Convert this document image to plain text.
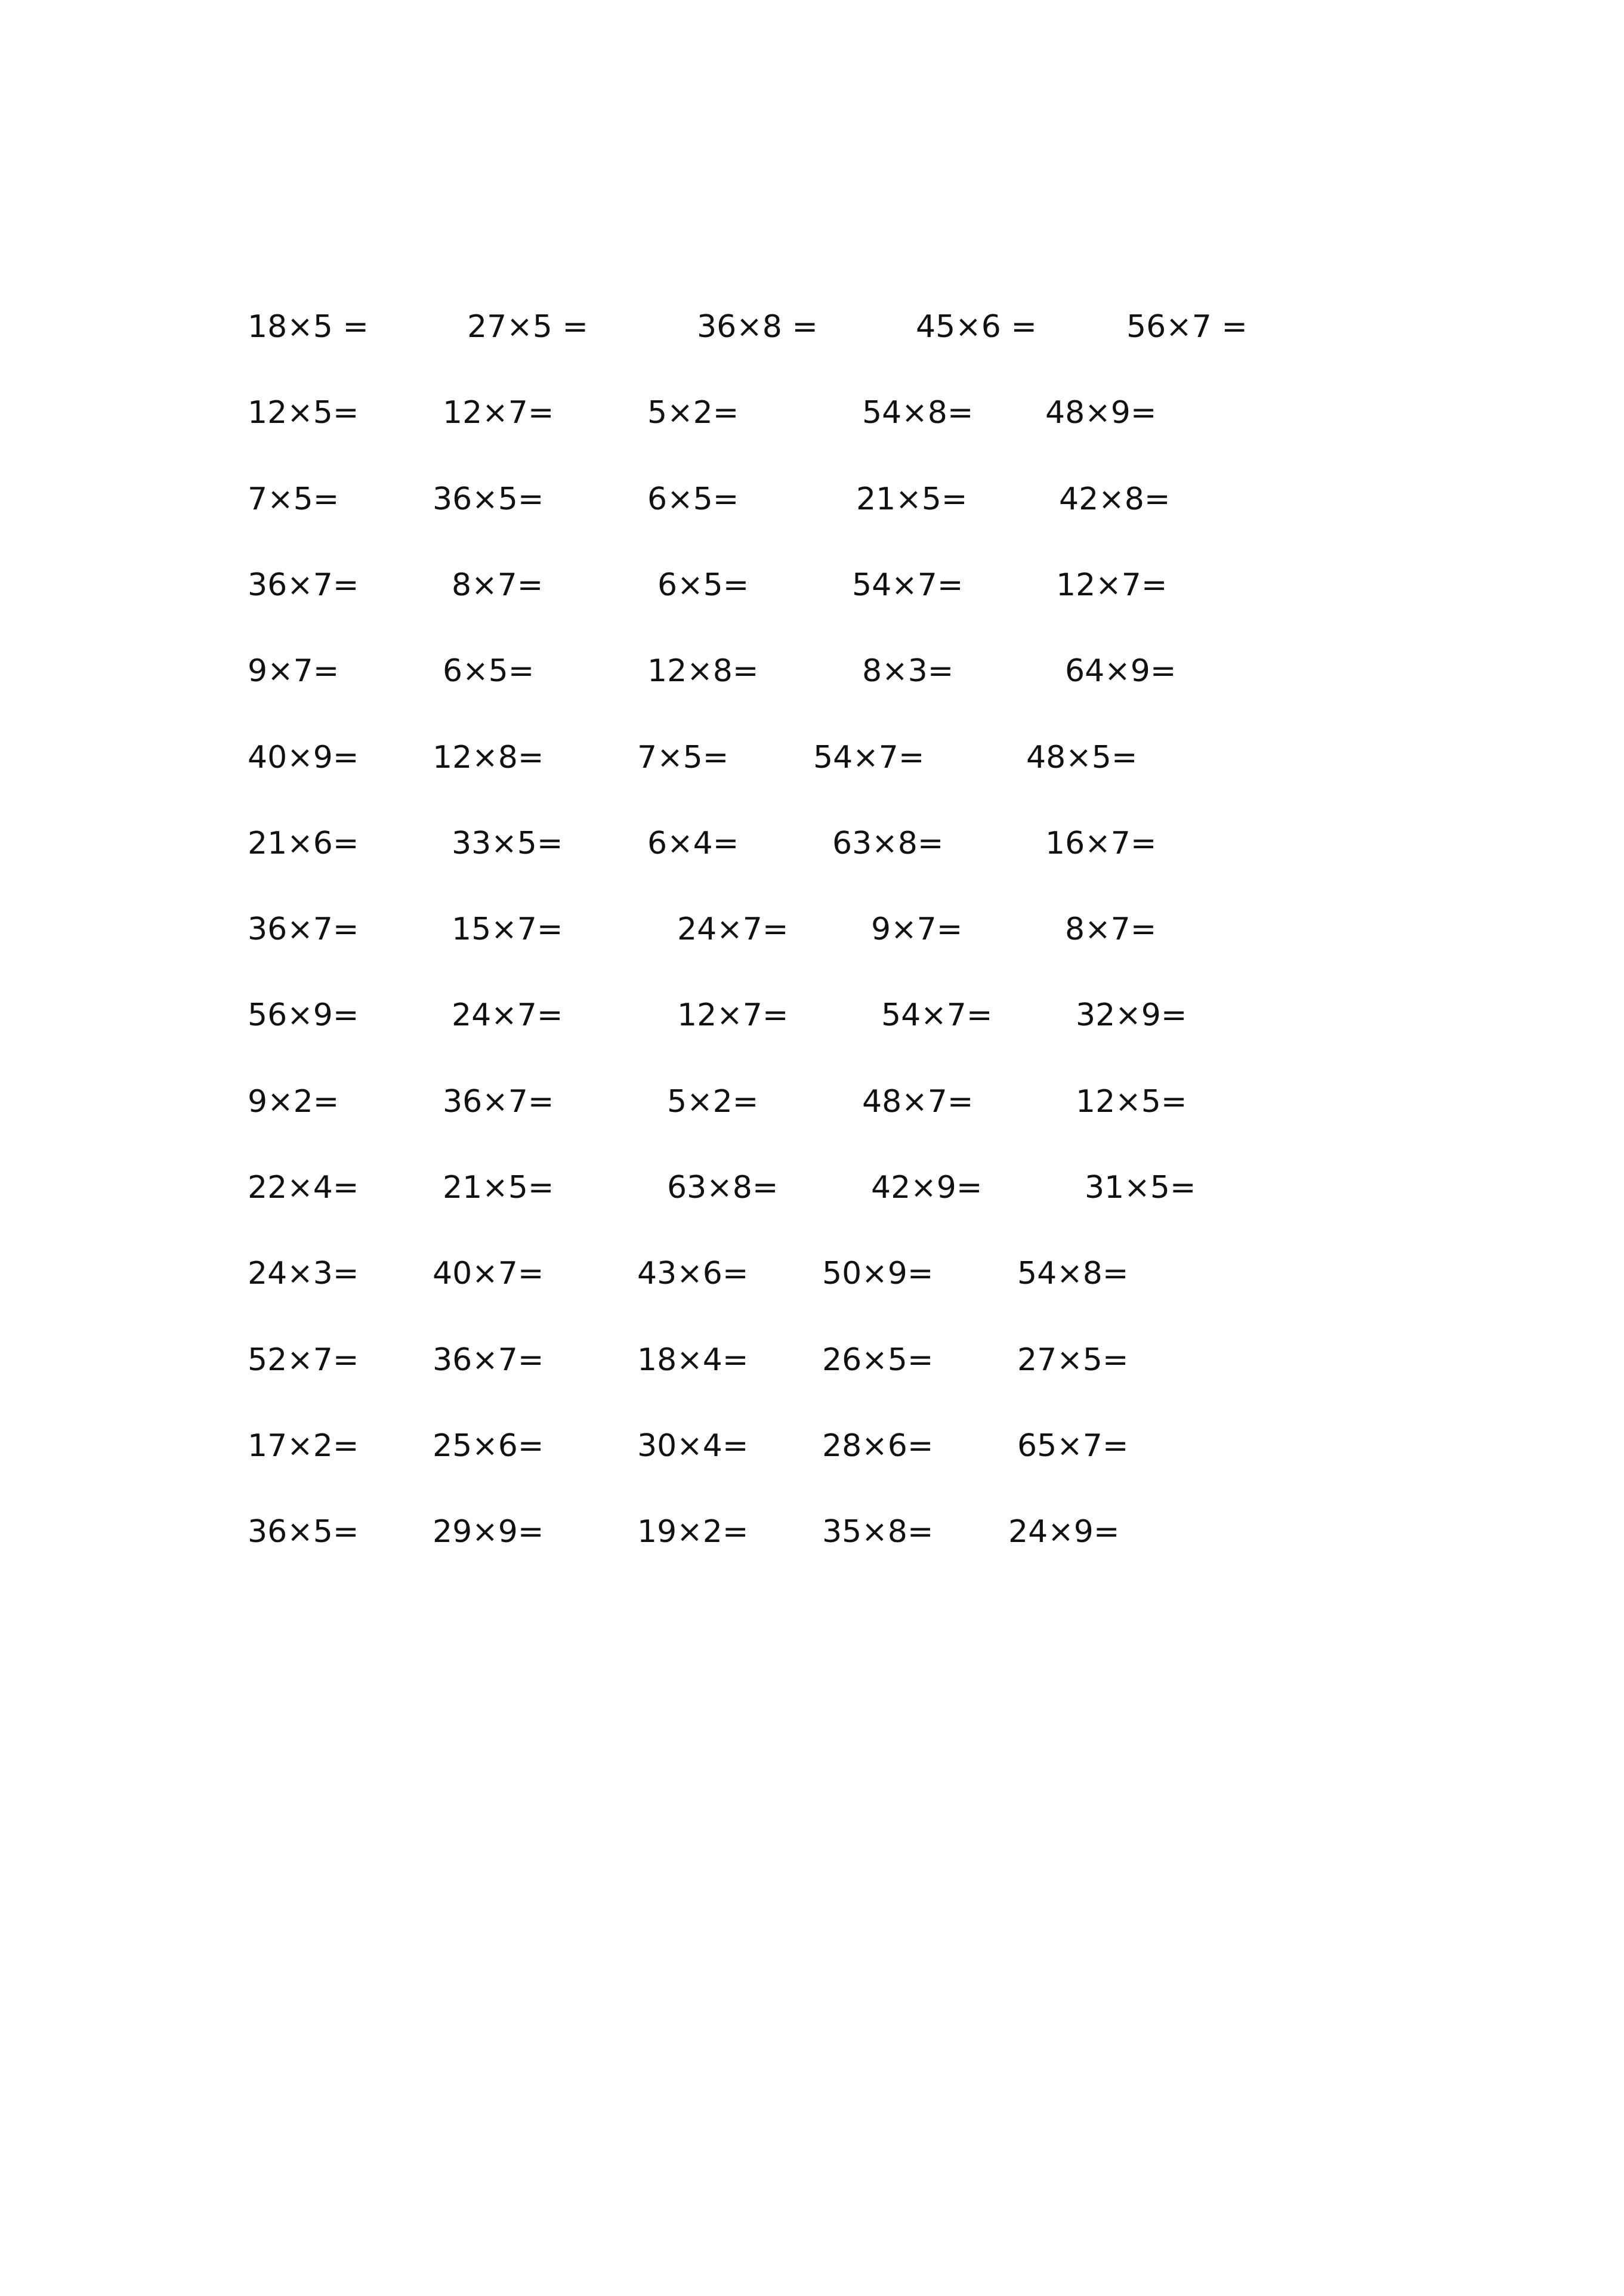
18×5 =	27×5 =	36×8 =	45×6 =	56×7 =
12×5=	12×7=	5×2=	54×8= 48×9=
7×5=	36×5=	6×5=	21×5=	42×8=
36×7=	8×7=	6×5=	54×7=	12×7=
9×7=	6×5=	12×8=	8×3=	64×9=
40×9= 12×8=	7×5=	54×7=	48×5=
21×6=	33×5=	6×4=	63×8=	16×7=
36×7=	15×7=	24×7=	9×7=	8×7=
56×9=	24×7=	12×7=	54×7=	32×9=
9×2=	36×7=	5×2=	48×7=	12×5=
22×4=	21×5=	63×8=	42×9=	31×5=
24×3= 40×7=	43×6= 50×9=	54×8=
52×7= 36×7=	18×4= 26×5=	27×5=
17×2= 25×6=	30×4= 28×6=	65×7=
36×5= 29×9=	19×2= 35×8= 24×9=
